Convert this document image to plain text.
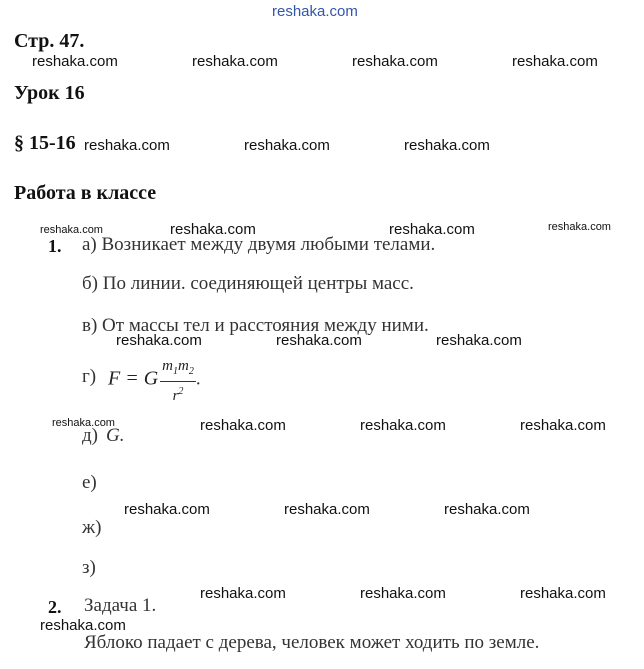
reshaka.com
Стр. 47.
reshaka.com	reshaka.com	reshaka.com	reshaka.com
Урок 16
§ 15-16 reshaka.com	reshaka.com	reshaka.com
Работа в классе
reshaka.com	reshaka.com	reshaka.com	reshaka.com
1. а) Возникает между двумя любыми телами.
б) По линии. соединяющей центры масс.
в) От массы тел и расстояния между ними.
reshaka.com	reshaka.com	reshaka.com
г) F = G $\frac{m_1m_2}{r^2}$ .
reshaka.com	reshaka.com	reshaka.com	reshaka.com
д) G.
е)
reshaka.com	reshaka.com	reshaka.com
ж)
з)
reshaka.com	reshaka.com	reshaka.com
2. Задача 1.
reshaka.com
Яблоко падает с дерева, человек может ходить по земле.
